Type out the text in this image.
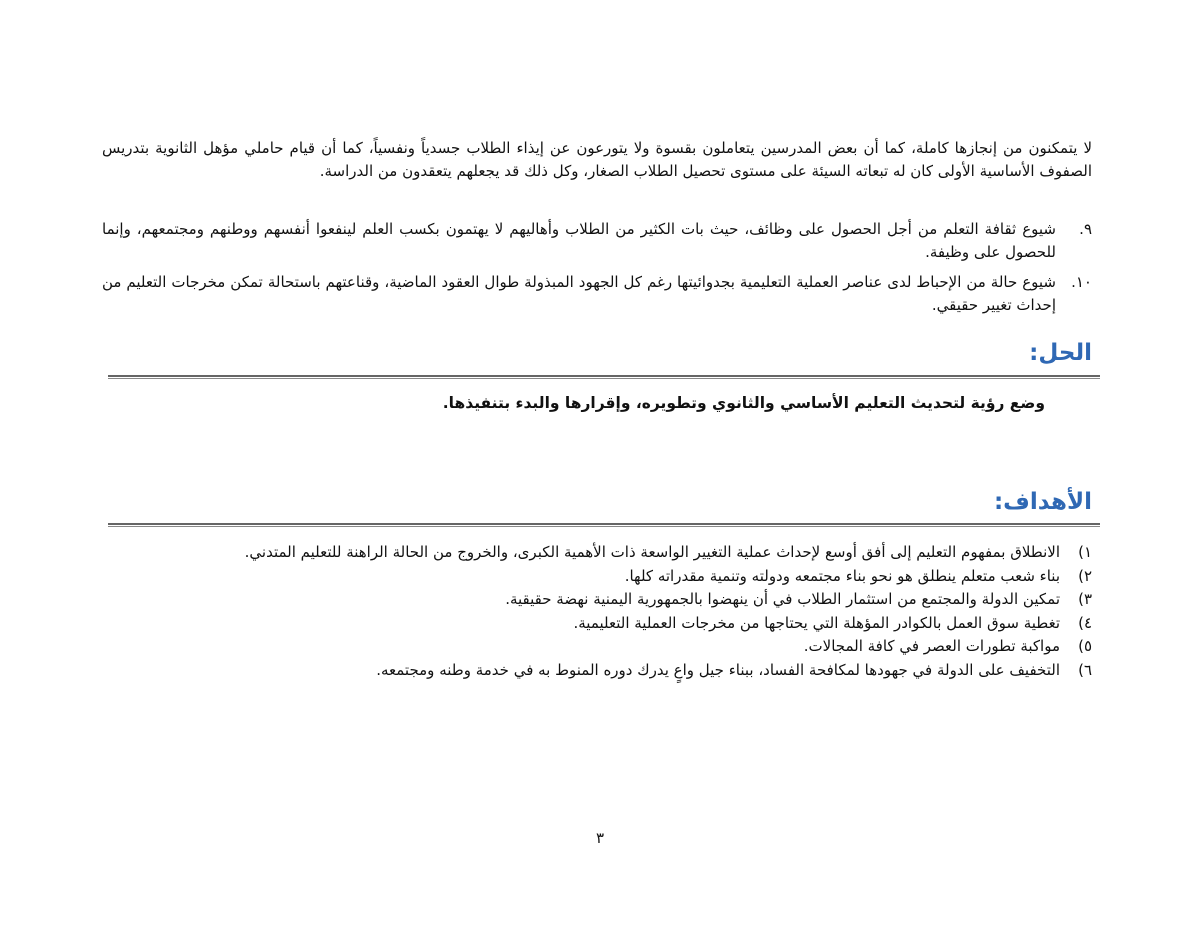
لا يتمكنون من إنجازها كاملة، كما أن بعض المدرسين يتعاملون بقسوة ولا يتورعون عن إيذاء الطلاب جسدياً ونفسياً، كما أن قيام حاملي مؤهل الثانوية بتدريس الصفوف الأساسية الأولى كان له تبعاته السيئة على مستوى تحصيل الطلاب الصغار، وكل ذلك قد يجعلهم يتعقدون من الدراسة.

٩.
شيوع ثقافة التعلم من أجل الحصول على وظائف، حيث بات الكثير من الطلاب وأهاليهم لا يهتمون بكسب العلم لينفعوا أنفسهم ووطنهم ومجتمعهم، وإنما للحصول على وظيفة.
١٠.
شيوع حالة من الإحباط لدى عناصر العملية التعليمية بجدوائيتها رغم كل الجهود المبذولة طوال العقود الماضية، وقناعتهم باستحالة تمكن مخرجات التعليم من إحداث تغيير حقيقي.
الحل:

وضع رؤية لتحديث التعليم الأساسي والثانوي وتطويره، وإقرارها والبدء بتنفيذها.

الأهداف:
١)
الانطلاق بمفهوم التعليم إلى أفق أوسع لإحداث عملية التغيير الواسعة ذات الأهمية الكبرى، والخروج من الحالة الراهنة للتعليم المتدني.
٢)
بناء شعب متعلم ينطلق هو نحو بناء مجتمعه ودولته وتنمية مقدراته كلها.
٣)
تمكين الدولة والمجتمع من استثمار الطلاب في أن ينهضوا بالجمهورية اليمنية نهضة حقيقية.
٤)
تغطية سوق العمل بالكوادر المؤهلة التي يحتاجها من مخرجات العملية التعليمية.
٥)
مواكبة تطورات العصر في كافة المجالات.
٦)
التخفيف على الدولة في جهودها لمكافحة الفساد، ببناء جيل واعٍ يدرك دوره المنوط به في خدمة وطنه ومجتمعه.
٣
